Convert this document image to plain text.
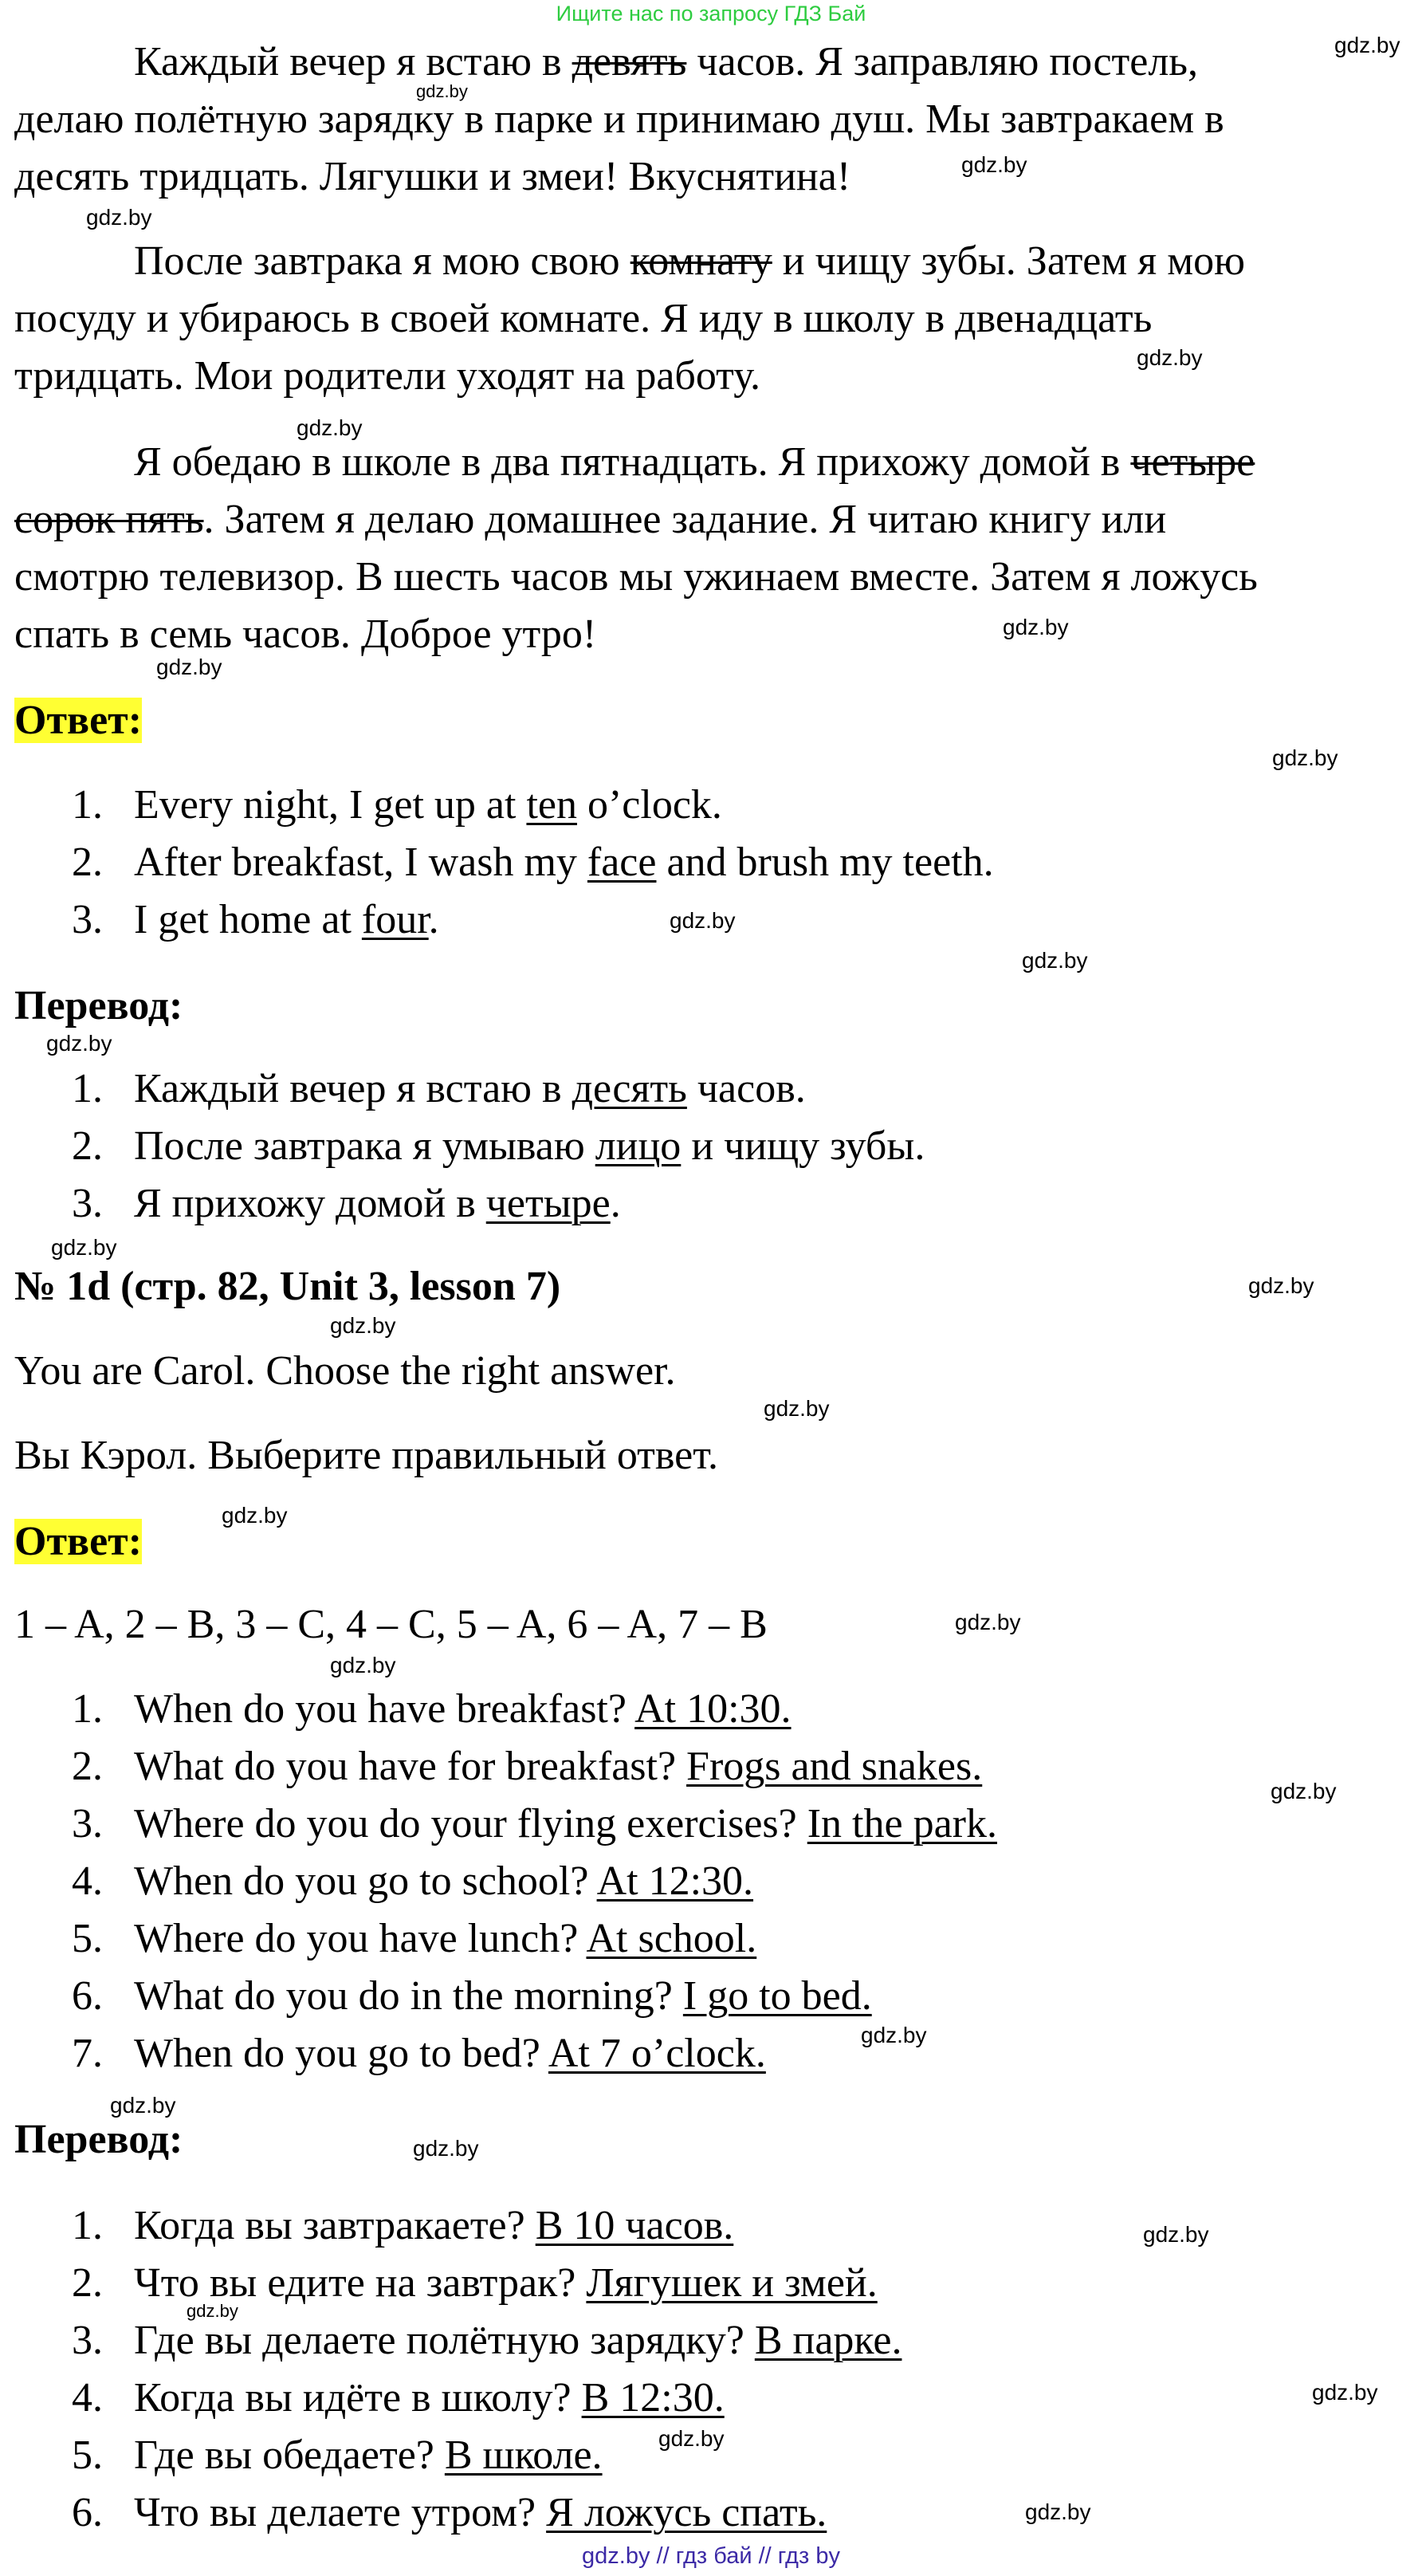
Ищите нас по запросу ГДЗ Бай
Каждый вечер я встаю в девять часов. Я заправляю постель,
делаю полётную зарядку в парке и принимаю душ. Мы завтракаем в
десять тридцать. Лягушки и змеи! Вкуснятина!
После завтрака я мою свою комнату и чищу зубы. Затем я мою
посуду и убираюсь в своей комнате. Я иду в школу в двенадцать
тридцать. Мои родители уходят на работу.
Я обедаю в школе в два пятнадцать. Я прихожу домой в четыре
сорок пять. Затем я делаю домашнее задание. Я читаю книгу или
смотрю телевизор. В шесть часов мы ужинаем вместе. Затем я ложусь
спать в семь часов. Доброе утро!
Ответ:
1. Every night, I get up at ten o’clock.
2. After breakfast, I wash my face and brush my teeth.
3. I get home at four.
Перевод:
1. Каждый вечер я встаю в десять часов.
2. После завтрака я умываю лицо и чищу зубы.
3. Я прихожу домой в четыре.
№ 1d (стр. 82, Unit 3, lesson 7)
You are Carol. Choose the right answer.
Вы Кэрол. Выберите правильный ответ.
Ответ:
1 – A, 2 – B, 3 – C, 4 – C, 5 – A, 6 – A, 7 – B
1. When do you have breakfast? At 10:30.
2. What do you have for breakfast? Frogs and snakes.
3. Where do you do your flying exercises? In the park.
4. When do you go to school? At 12:30.
5. Where do you have lunch? At school.
6. What do you do in the morning? I go to bed.
7. When do you go to bed? At 7 o’clock.
Перевод:
1. Когда вы завтракаете? В 10 часов.
2. Что вы едите на завтрак? Лягушек и змей.
3. Где вы делаете полётную зарядку? В парке.
4. Когда вы идёте в школу? В 12:30.
5. Где вы обедаете? В школе.
6. Что вы делаете утром? Я ложусь спать.
gdz.by
gdz.by
gdz.by
gdz.by
gdz.by
gdz.by
gdz.by
gdz.by
gdz.by
gdz.by
gdz.by
gdz.by
gdz.by
gdz.by
gdz.by
gdz.by
gdz.by
gdz.by
gdz.by
gdz.by
gdz.by
gdz.by
gdz.by
gdz.by
gdz.by
gdz.by
gdz.by
gdz.by
gdz.by // гдз бай // гдз by
